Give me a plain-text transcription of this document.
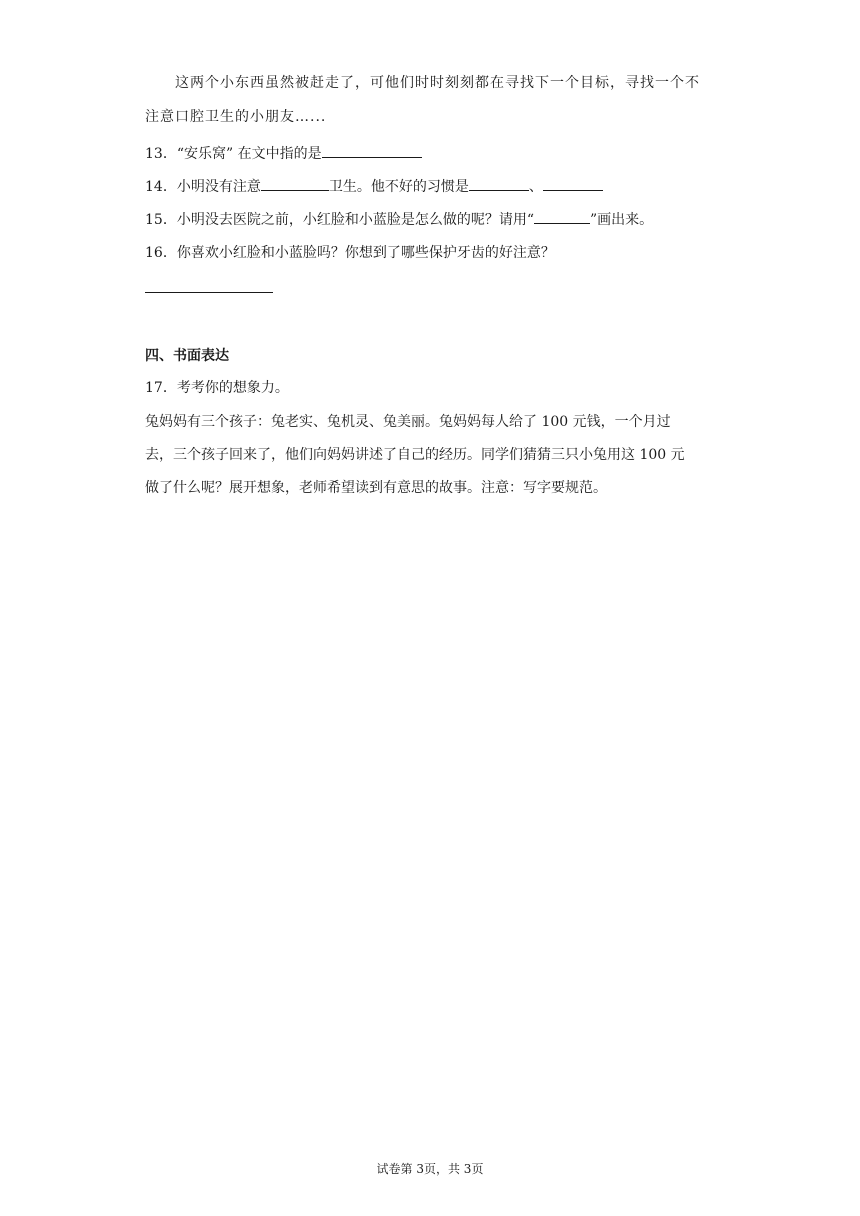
这两个小东西虽然被赶走了，可他们时时刻刻都在寻找下一个目标，寻找一个不
注意口腔卫生的小朋友…...
13．“安乐窝” 在文中指的是
14．小明没有注意	卫生。他不好的习惯是	、
15．小明没去医院之前，小红脸和小蓝脸是怎么做的呢？请用“	”画出来。
16．你喜欢小红脸和小蓝脸吗？你想到了哪些保护牙齿的好注意？
四、书面表达
17．考考你的想象力。
兔妈妈有三个孩子：兔老实、兔机灵、兔美丽。兔妈妈每人给了 100 元钱，一个月过
去，三个孩子回来了，他们向妈妈讲述了自己的经历。同学们猜猜三只小兔用这 100 元
做了什么呢？展开想象，老师希望读到有意思的故事。注意：写字要规范。
试卷第 3页，共 3页
